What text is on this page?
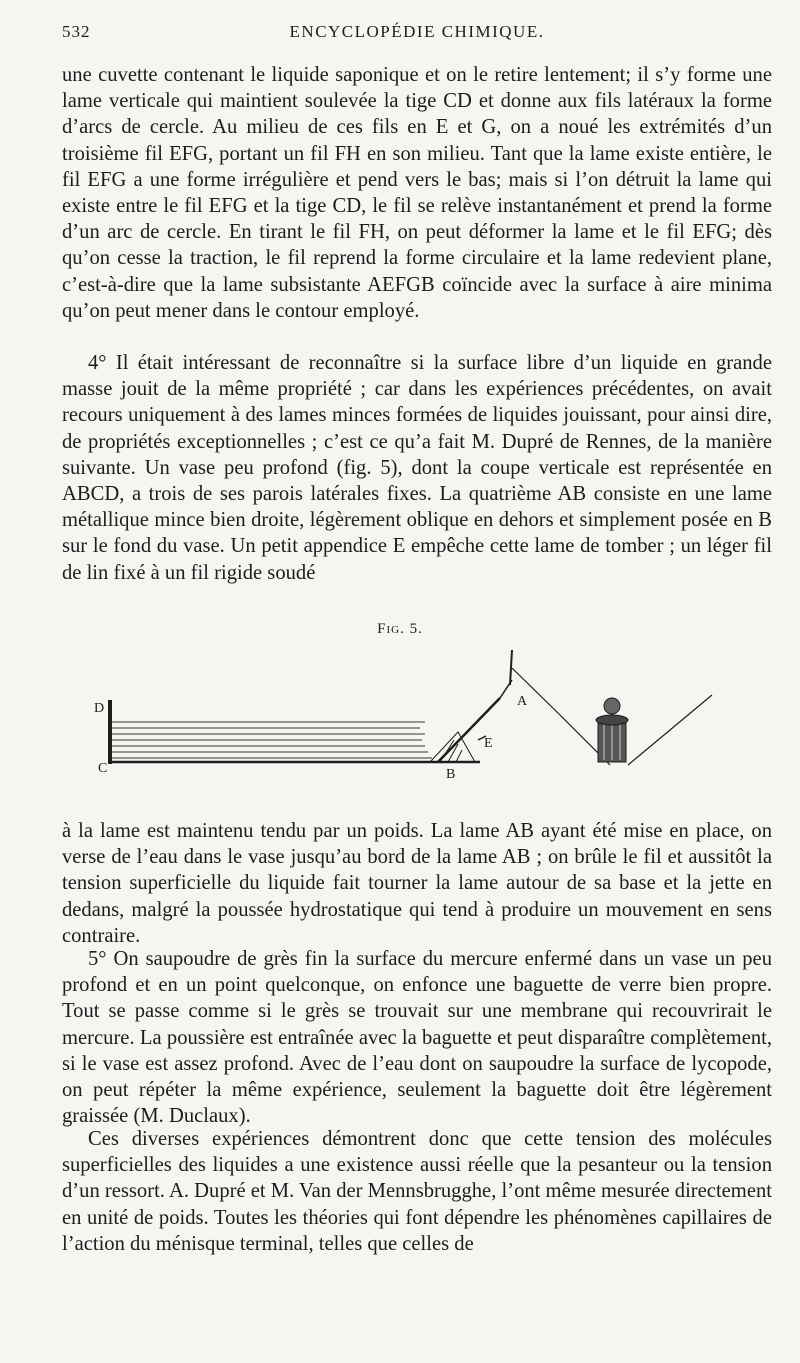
532	ENCYCLOPÉDIE CHIMIQUE.

une cuvette contenant le liquide saponique et on le retire lentement; il s’y forme une lame verticale qui maintient soulevée la tige CD et donne aux fils latéraux la forme d’arcs de cercle. Au milieu de ces fils en E et G, on a noué les extrémités d’un troisième fil EFG, portant un fil FH en son milieu. Tant que la lame existe entière, le fil EFG a une forme irrégulière et pend vers le bas; mais si l’on détruit la lame qui existe entre le fil EFG et la tige CD, le fil se relève instantanément et prend la forme d’un arc de cercle. En tirant le fil FH, on peut déformer la lame et le fil EFG; dès qu’on cesse la traction, le fil reprend la forme circulaire et la lame redevient plane, c’est-à-dire que la lame subsistante AEFGB coïncide avec la surface à aire minima qu’on peut mener dans le contour employé.

4° Il était intéressant de reconnaître si la surface libre d’un liquide en grande masse jouit de la même propriété ; car dans les expériences précédentes, on avait recours uniquement à des lames minces formées de liquides jouissant, pour ainsi dire, de propriétés exceptionnelles ; c’est ce qu’a fait M. Dupré de Rennes, de la manière suivante. Un vase peu profond (fig. 5), dont la coupe verticale est représentée en ABCD, a trois de ses parois latérales fixes. La quatrième AB consiste en une lame métallique mince bien droite, légèrement oblique en dehors et simplement posée en B sur le fond du vase. Un petit appendice E empêche cette lame de tomber ; un léger fil de lin fixé à un fil rigide soudé

Fig. 5.
D
C
A
E
B

à la lame est maintenu tendu par un poids. La lame AB ayant été mise en place, on verse de l’eau dans le vase jusqu’au bord de la lame AB ; on brûle le fil et aussitôt la tension superficielle du liquide fait tourner la lame autour de sa base et la jette en dedans, malgré la poussée hydrostatique qui tend à produire un mouvement en sens contraire.

5° On saupoudre de grès fin la surface du mercure enfermé dans un vase un peu profond et en un point quelconque, on enfonce une baguette de verre bien propre. Tout se passe comme si le grès se trouvait sur une membrane qui recouvrirait le mercure. La poussière est entraînée avec la baguette et peut disparaître complètement, si le vase est assez profond. Avec de l’eau dont on saupoudre la surface de lycopode, on peut répéter la même expérience, seulement la baguette doit être légèrement graissée (M. Duclaux).

Ces diverses expériences démontrent donc que cette tension des molécules superficielles des liquides a une existence aussi réelle que la pesanteur ou la tension d’un ressort. A. Dupré et M. Van der Mennsbrugghe, l’ont même mesurée directement en unité de poids. Toutes les théories qui font dépendre les phénomènes capillaires de l’action du ménisque terminal, telles que celles de
